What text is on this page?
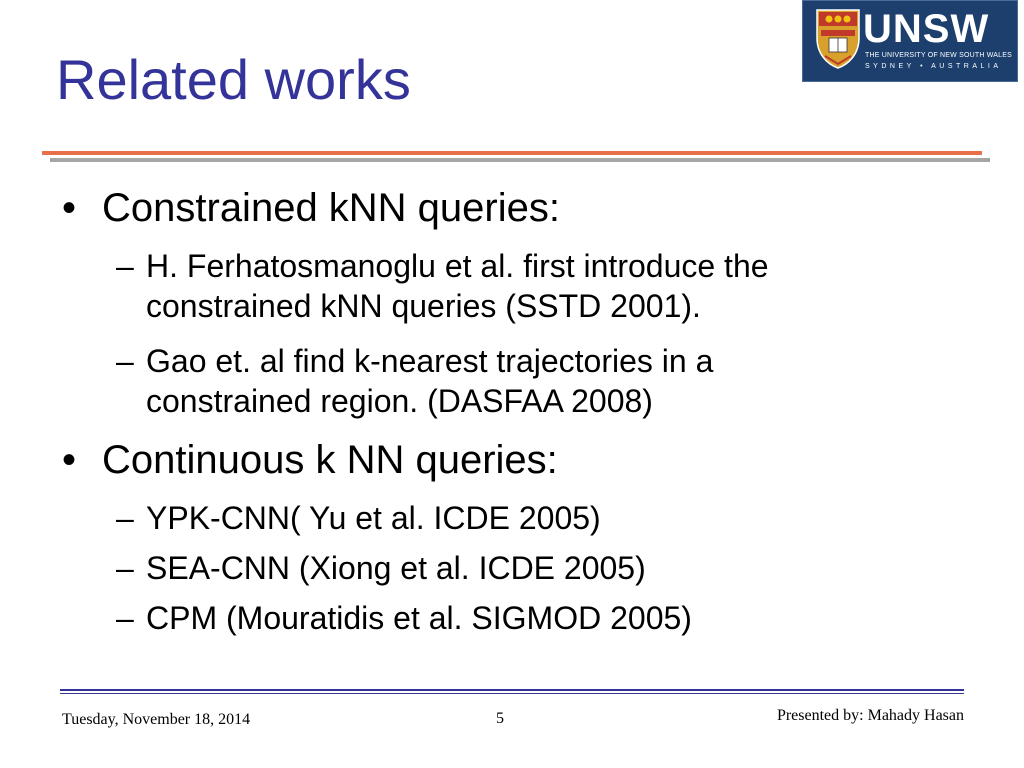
Related works
UNSW
THE UNIVERSITY OF NEW SOUTH WALES
SYDNEY • AUSTRALIA
• Constrained kNN queries:
– H. Ferhatosmanoglu et al. first introduce the constrained kNN queries (SSTD 2001).
– Gao et. al find k-nearest trajectories in a constrained region. (DASFAA 2008)
• Continuous k NN queries:
– YPK-CNN( Yu et al. ICDE 2005)
– SEA-CNN (Xiong et al. ICDE 2005)
– CPM (Mouratidis et al. SIGMOD 2005)
Tuesday, November 18, 2014	5	Presented by: Mahady Hasan
